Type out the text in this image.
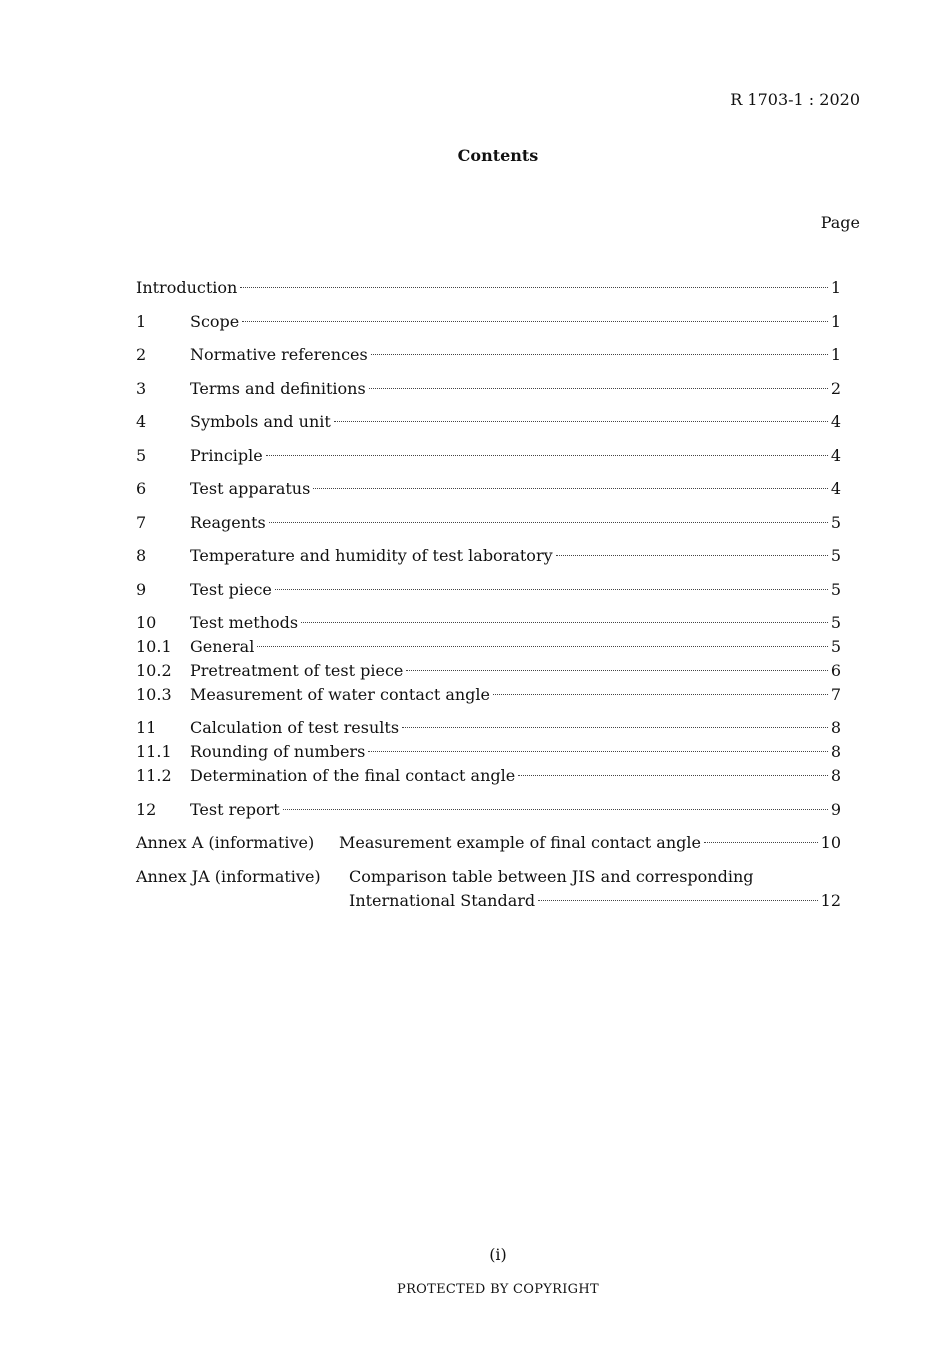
R 1703-1 : 2020
Contents
Page
Introduction	1
1	Scope	1
2	Normative references	1
3	Terms and definitions	2
4	Symbols and unit	4
5	Principle	4
6	Test apparatus	4
7	Reagents	5
8	Temperature and humidity of test laboratory	5
9	Test piece	5
10	Test methods	5
10.1	General	5
10.2	Pretreatment of test piece	6
10.3	Measurement of water contact angle	7
11	Calculation of test results	8
11.1	Rounding of numbers	8
11.2	Determination of the final contact angle	8
12	Test report	9
Annex A (informative)	Measurement example of final contact angle	10
Annex JA (informative) Comparison table between JIS and corresponding
International Standard	12
(i)
PROTECTED BY COPYRIGHT
